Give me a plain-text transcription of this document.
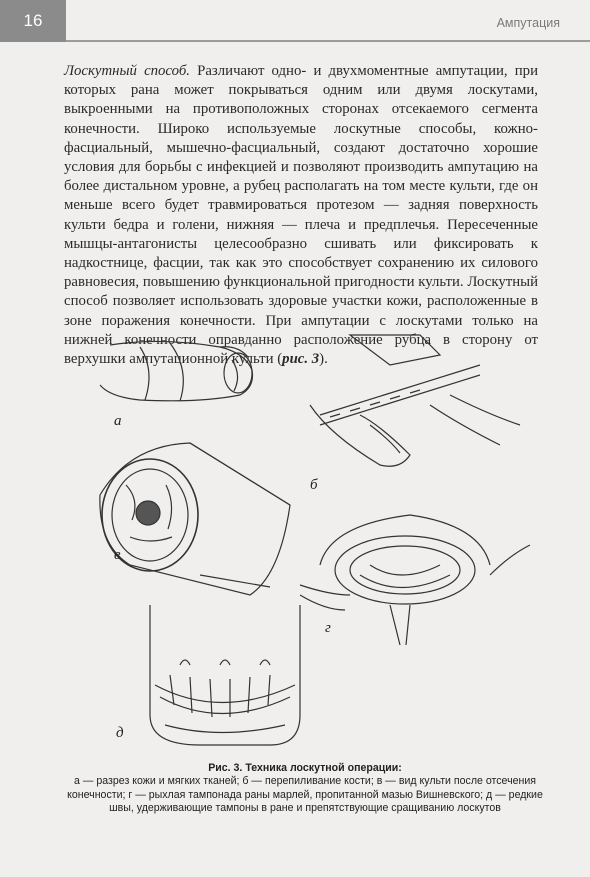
16	Ампутация
Лоскутный способ. Различают одно- и двухмоментные ампутации, при которых рана может покрываться одним или двумя лоскутами, выкроенными на противоположных сторонах отсекаемого сегмента конечности. Широко используемые лоскутные способы, кожно-фасциальный, мышечно-фасциальный, создают достаточно хорошие условия для борьбы с инфекцией и позволяют производить ампутацию на более дистальном уровне, а рубец располагать на том месте культи, где он меньше всего будет травмироваться протезом — задняя поверхность культи бедра и голени, нижняя — плеча и предплечья. Пересеченные мышцы-антагонисты целесообразно сшивать или фиксировать к надкостнице, фасции, так как это способствует сохранению их силового равновесия, повышению функциональной пригодности культи. Лоскутный способ позволяет использовать здоровые участки кожи, расположенные в зоне поражения конечности. При ампутации с лоскутами только на нижней конечности оправданно расположение рубца в сторону от верхушки ампутационной культи (рис. 3).
а
б
в
г
д
Рис. 3. Техника лоскутной операции:
а — разрез кожи и мягких тканей; б — перепиливание кости; в — вид культи после отсечения конечности; г — рыхлая тампонада раны марлей, пропитанной мазью Вишневского; д — редкие швы, удерживающие тампоны в ране и препятствующие сращиванию лоскутов
